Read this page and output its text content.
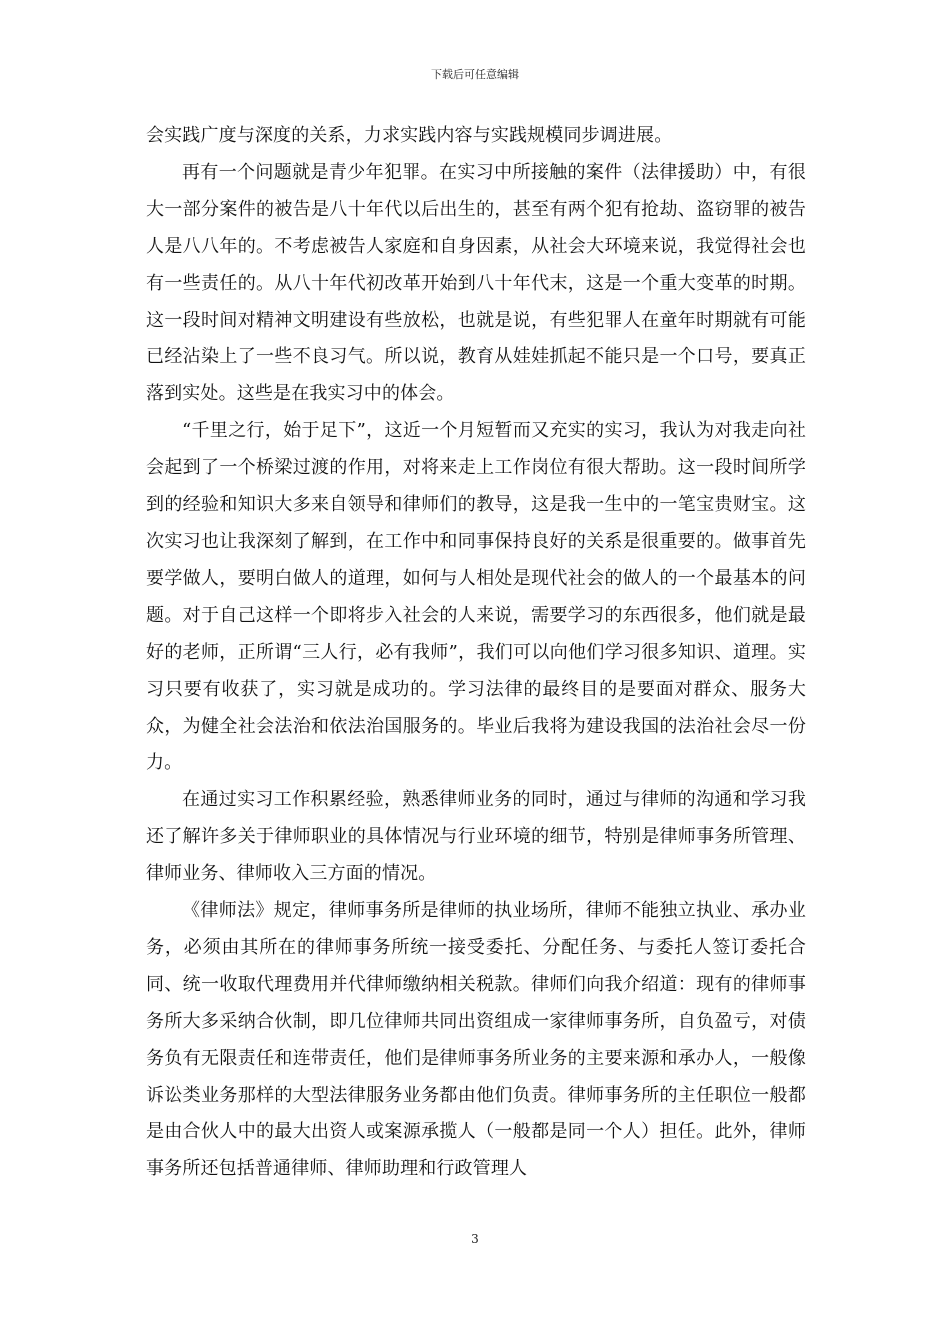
下载后可任意编辑

会实践广度与深度的关系，力求实践内容与实践规模同步调进展。

再有一个问题就是青少年犯罪。在实习中所接触的案件（法律援助）中，有很大一部分案件的被告是八十年代以后出生的，甚至有两个犯有抢劫、盗窃罪的被告人是八八年的。不考虑被告人家庭和自身因素，从社会大环境来说，我觉得社会也有一些责任的。从八十年代初改革开始到八十年代末，这是一个重大变革的时期。这一段时间对精神文明建设有些放松，也就是说，有些犯罪人在童年时期就有可能已经沾染上了一些不良习气。所以说，教育从娃娃抓起不能只是一个口号，要真正落到实处。这些是在我实习中的体会。

“千里之行，始于足下”，这近一个月短暂而又充实的实习，我认为对我走向社会起到了一个桥梁过渡的作用，对将来走上工作岗位有很大帮助。这一段时间所学到的经验和知识大多来自领导和律师们的教导，这是我一生中的一笔宝贵财宝。这次实习也让我深刻了解到，在工作中和同事保持良好的关系是很重要的。做事首先要学做人，要明白做人的道理，如何与人相处是现代社会的做人的一个最基本的问题。对于自己这样一个即将步入社会的人来说，需要学习的东西很多，他们就是最好的老师，正所谓“三人行，必有我师”，我们可以向他们学习很多知识、道理。实习只要有收获了，实习就是成功的。学习法律的最终目的是要面对群众、服务大众，为健全社会法治和依法治国服务的。毕业后我将为建设我国的法治社会尽一份力。

在通过实习工作积累经验，熟悉律师业务的同时，通过与律师的沟通和学习我还了解许多关于律师职业的具体情况与行业环境的细节，特别是律师事务所管理、律师业务、律师收入三方面的情况。

《律师法》规定，律师事务所是律师的执业场所，律师不能独立执业、承办业务，必须由其所在的律师事务所统一接受委托、分配任务、与委托人签订委托合同、统一收取代理费用并代律师缴纳相关税款。律师们向我介绍道：现有的律师事务所大多采纳合伙制，即几位律师共同出资组成一家律师事务所，自负盈亏，对债务负有无限责任和连带责任，他们是律师事务所业务的主要来源和承办人，一般像诉讼类业务那样的大型法律服务业务都由他们负责。律师事务所的主任职位一般都是由合伙人中的最大出资人或案源承揽人（一般都是同一个人）担任。此外，律师事务所还包括普通律师、律师助理和行政管理人

3
